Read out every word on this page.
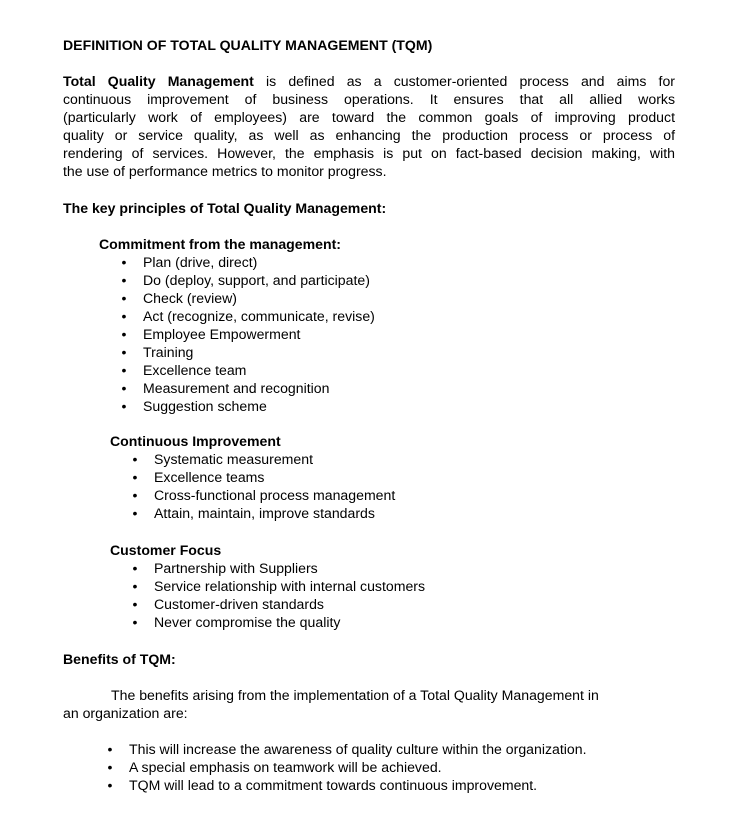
DEFINITION OF TOTAL QUALITY MANAGEMENT (TQM)
Total Quality Management is defined as a customer-oriented process and aims for
continuous improvement of business operations. It ensures that all allied works
(particularly work of employees) are toward the common goals of improving product
quality or service quality, as well as enhancing the production process or process of
rendering of services. However, the emphasis is put on fact-based decision making, with
the use of performance metrics to monitor progress.
The key principles of Total Quality Management:
Commitment from the management:
• Plan (drive, direct)
• Do (deploy, support, and participate)
• Check (review)
• Act (recognize, communicate, revise)
• Employee Empowerment
• Training
• Excellence team
• Measurement and recognition
• Suggestion scheme
Continuous Improvement
• Systematic measurement
• Excellence teams
• Cross-functional process management
• Attain, maintain, improve standards
Customer Focus
• Partnership with Suppliers
• Service relationship with internal customers
• Customer-driven standards
• Never compromise the quality
Benefits of TQM:
The benefits arising from the implementation of a Total Quality Management in
an organization are:
• This will increase the awareness of quality culture within the organization.
• A special emphasis on teamwork will be achieved.
• TQM will lead to a commitment towards continuous improvement.
